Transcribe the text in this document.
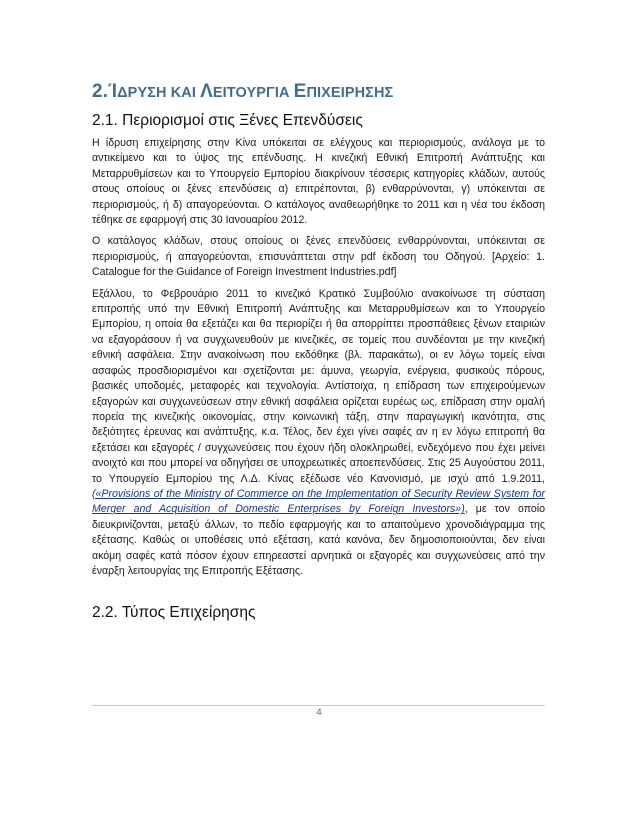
2.ΊΔΡΥΣΗ ΚΑΙ ΛΕΙΤΟΥΡΓΙΑ ΕΠΙΧΕΙΡΗΣΗΣ
2.1. Περιορισμοί στις Ξένες Επενδύσεις

Η ίδρυση επιχείρησης στην Κίνα υπόκειται σε ελέγχους και περιορισμούς, ανάλογα με το αντικείμενο και το ύψος της επένδυσης. Η κινεζική Εθνική Επιτροπή Ανάπτυξης και Μεταρρυθμίσεων και το Υπουργείο Εμπορίου διακρίνουν τέσσερις κατηγορίες κλάδων, αυτούς στους οποίους οι ξένες επενδύσεις α) επιτρέπονται, β) ενθαρρύνονται, γ) υπόκεινται σε περιορισμούς, ή δ) απαγορεύονται. Ο κατάλογος αναθεωρήθηκε το 2011 και η νέα του έκδοση τέθηκε σε εφαρμογή στις 30 Ιανουαρίου 2012.

Ο κατάλογος κλάδων, στους οποίους οι ξένες επενδύσεις ενθαρρύνονται, υπόκεινται σε περιορισμούς, ή απαγορεύονται, επισυνάπτεται στην pdf έκδοση του Οδηγού. [Αρχείο: 1. Catalogue for the Guidance of Foreign Investment Industries.pdf]

Εξάλλου, το Φεβρουάριο 2011 το κινεζικό Κρατικό Συμβούλιο ανακοίνωσε τη σύσταση επιτροπής υπό την Εθνική Επιτροπή Ανάπτυξης και Μεταρρυθμίσεων και το Υπουργείο Εμπορίου, η οποία θα εξετάζει και θα περιορίζει ή θα απορρίπτει προσπάθειες ξένων εταιριών να εξαγοράσουν ή να συγχωνευθούν με κινεζικές, σε τομείς που συνδέονται με την κινεζική εθνική ασφάλεια. Στην ανακοίνωση που εκδόθηκε (βλ. παρακάτω), οι εν λόγω τομείς είναι ασαφώς προσδιορισμένοι και σχετίζονται με: άμυνα, γεωργία, ενέργεια, φυσικούς πόρους, βασικές υποδομές, μεταφορές και τεχνολογία. Αντίστοιχα, η επίδραση των επιχειρούμενων εξαγορών και συγχωνεύσεων στην εθνική ασφάλεια ορίζεται ευρέως ως, επίδραση στην ομαλή πορεία της κινεζικής οικονομίας, στην κοινωνική τάξη, στην παραγωγική ικανότητα, στις δεξιότητες έρευνας και ανάπτυξης, κ.α. Τέλος, δεν έχει γίνει σαφές αν η εν λόγω επιτροπή θα εξετάσει και εξαγορές / συγχωνεύσεις που έχουν ήδη ολοκληρωθεί, ενδεχόμενο που έχει μείνει ανοιχτό και που μπορεί να οδηγήσει σε υποχρεωτικές αποεπενδύσεις. Στις 25 Αυγούστου 2011, το Υπουργείο Εμπορίου της Λ.Δ. Κίνας εξέδωσε νέο Κανονισμό, με ισχύ από 1.9.2011, («Provisions of the Ministry of Commerce on the Implementation of Security Review System for Merger and Acquisition of Domestic Enterprises by Foreign Investors»), με τον οποίο διευκρινίζονται, μεταξύ άλλων, το πεδίο εφαρμογής και το απαιτούμενο χρονοδιάγραμμα της εξέτασης. Καθώς οι υποθέσεις υπό εξέταση, κατά κανόνα, δεν δημοσιοποιούνται, δεν είναι ακόμη σαφές κατά πόσον έχουν επηρεαστεί αρνητικά οι εξαγορές και συγχωνεύσεις από την έναρξη λειτουργίας της Επιτροπής Εξέτασης.

2.2. Τύπος Επιχείρησης
4
